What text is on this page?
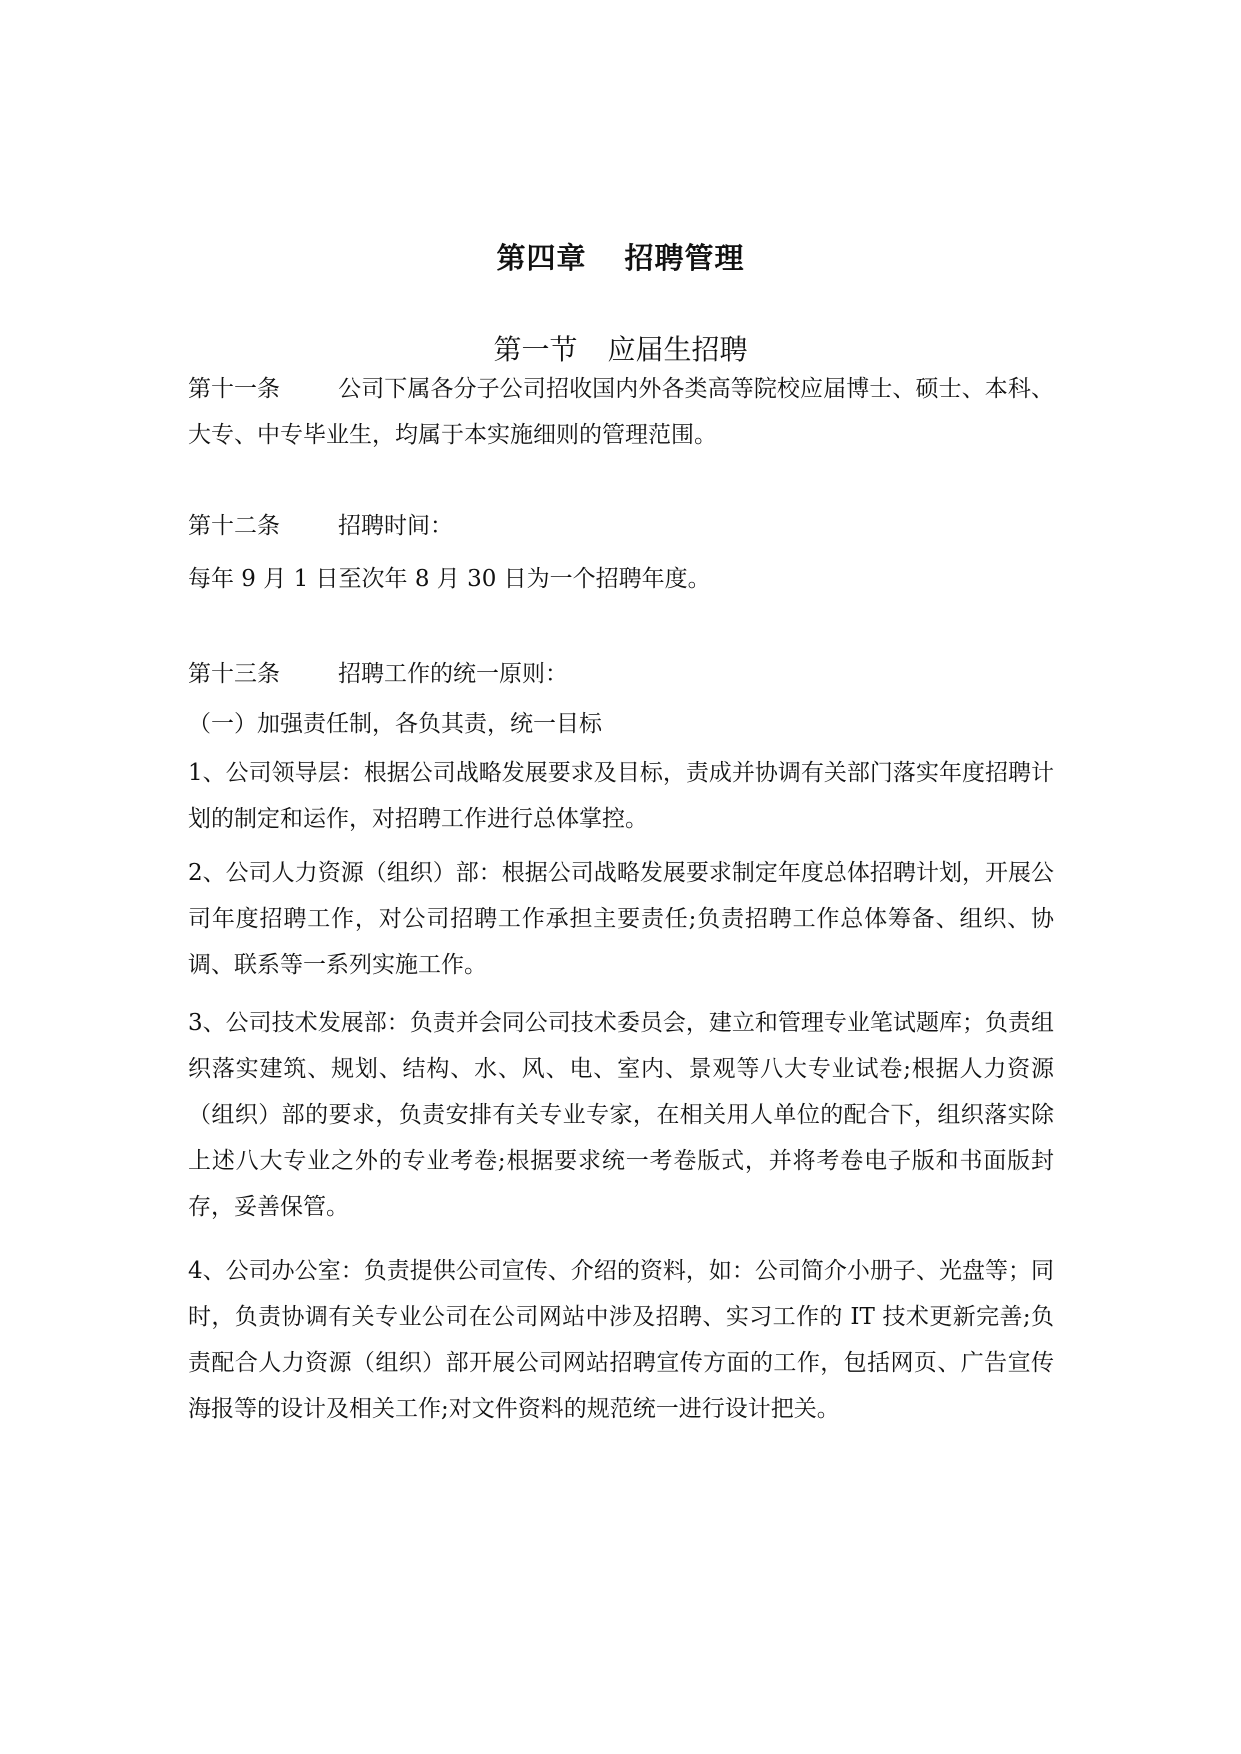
第四章 招聘管理
第一节 应届生招聘

第十一条	公司下属各分子公司招收国内外各类高等院校应届博士、硕士、本科、大专、中专毕业生，均属于本实施细则的管理范围。

第十二条	招聘时间：

每年 9 月 1 日至次年 8 月 30 日为一个招聘年度。

第十三条	招聘工作的统一原则：

（一）加强责任制，各负其责，统一目标

1、公司领导层：根据公司战略发展要求及目标，责成并协调有关部门落实年度招聘计划的制定和运作，对招聘工作进行总体掌控。

2、公司人力资源（组织）部：根据公司战略发展要求制定年度总体招聘计划，开展公司年度招聘工作，对公司招聘工作承担主要责任;负责招聘工作总体筹备、组织、协调、联系等一系列实施工作。

3、公司技术发展部：负责并会同公司技术委员会，建立和管理专业笔试题库；负责组织落实建筑、规划、结构、水、风、电、室内、景观等八大专业试卷;根据人力资源（组织）部的要求，负责安排有关专业专家，在相关用人单位的配合下，组织落实除上述八大专业之外的专业考卷;根据要求统一考卷版式，并将考卷电子版和书面版封存，妥善保管。

4、公司办公室：负责提供公司宣传、介绍的资料，如：公司简介小册子、光盘等；同时，负责协调有关专业公司在公司网站中涉及招聘、实习工作的 IT 技术更新完善;负责配合人力资源（组织）部开展公司网站招聘宣传方面的工作，包括网页、广告宣传海报等的设计及相关工作;对文件资料的规范统一进行设计把关。
